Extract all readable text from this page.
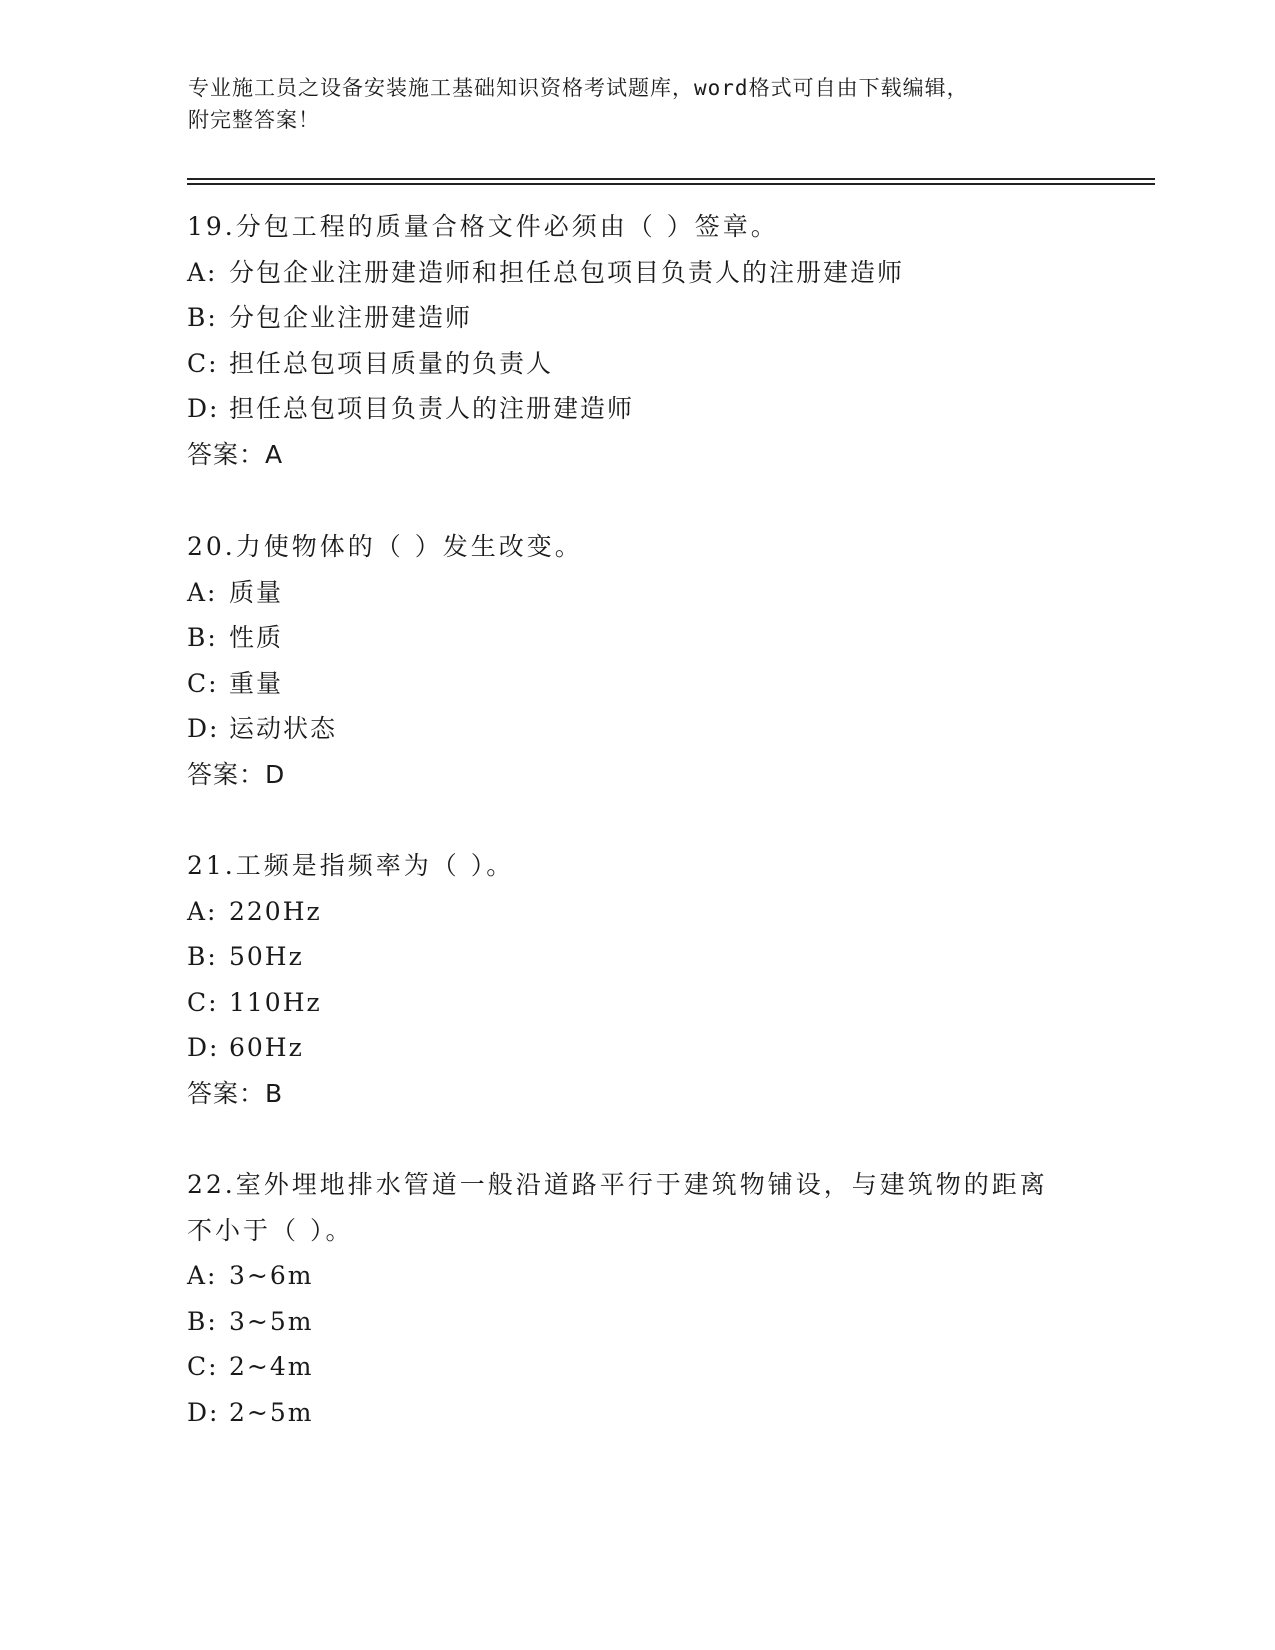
专业施工员之设备安装施工基础知识资格考试题库，word格式可自由下载编辑，
附完整答案！
19.分包工程的质量合格文件必须由（ ）签章。
A: 分包企业注册建造师和担任总包项目负责人的注册建造师
B: 分包企业注册建造师
C: 担任总包项目质量的负责人
D: 担任总包项目负责人的注册建造师
答案：A
20.力使物体的（ ）发生改变。
A: 质量
B: 性质
C: 重量
D: 运动状态
答案：D
21.工频是指频率为（ ）。
A: 220Hz
B: 50Hz
C: 110Hz
D: 60Hz
答案：B
22.室外埋地排水管道一般沿道路平行于建筑物铺设，与建筑物的距离
不小于（ ）。
A: 3~6m
B: 3~5m
C: 2~4m
D: 2~5m
